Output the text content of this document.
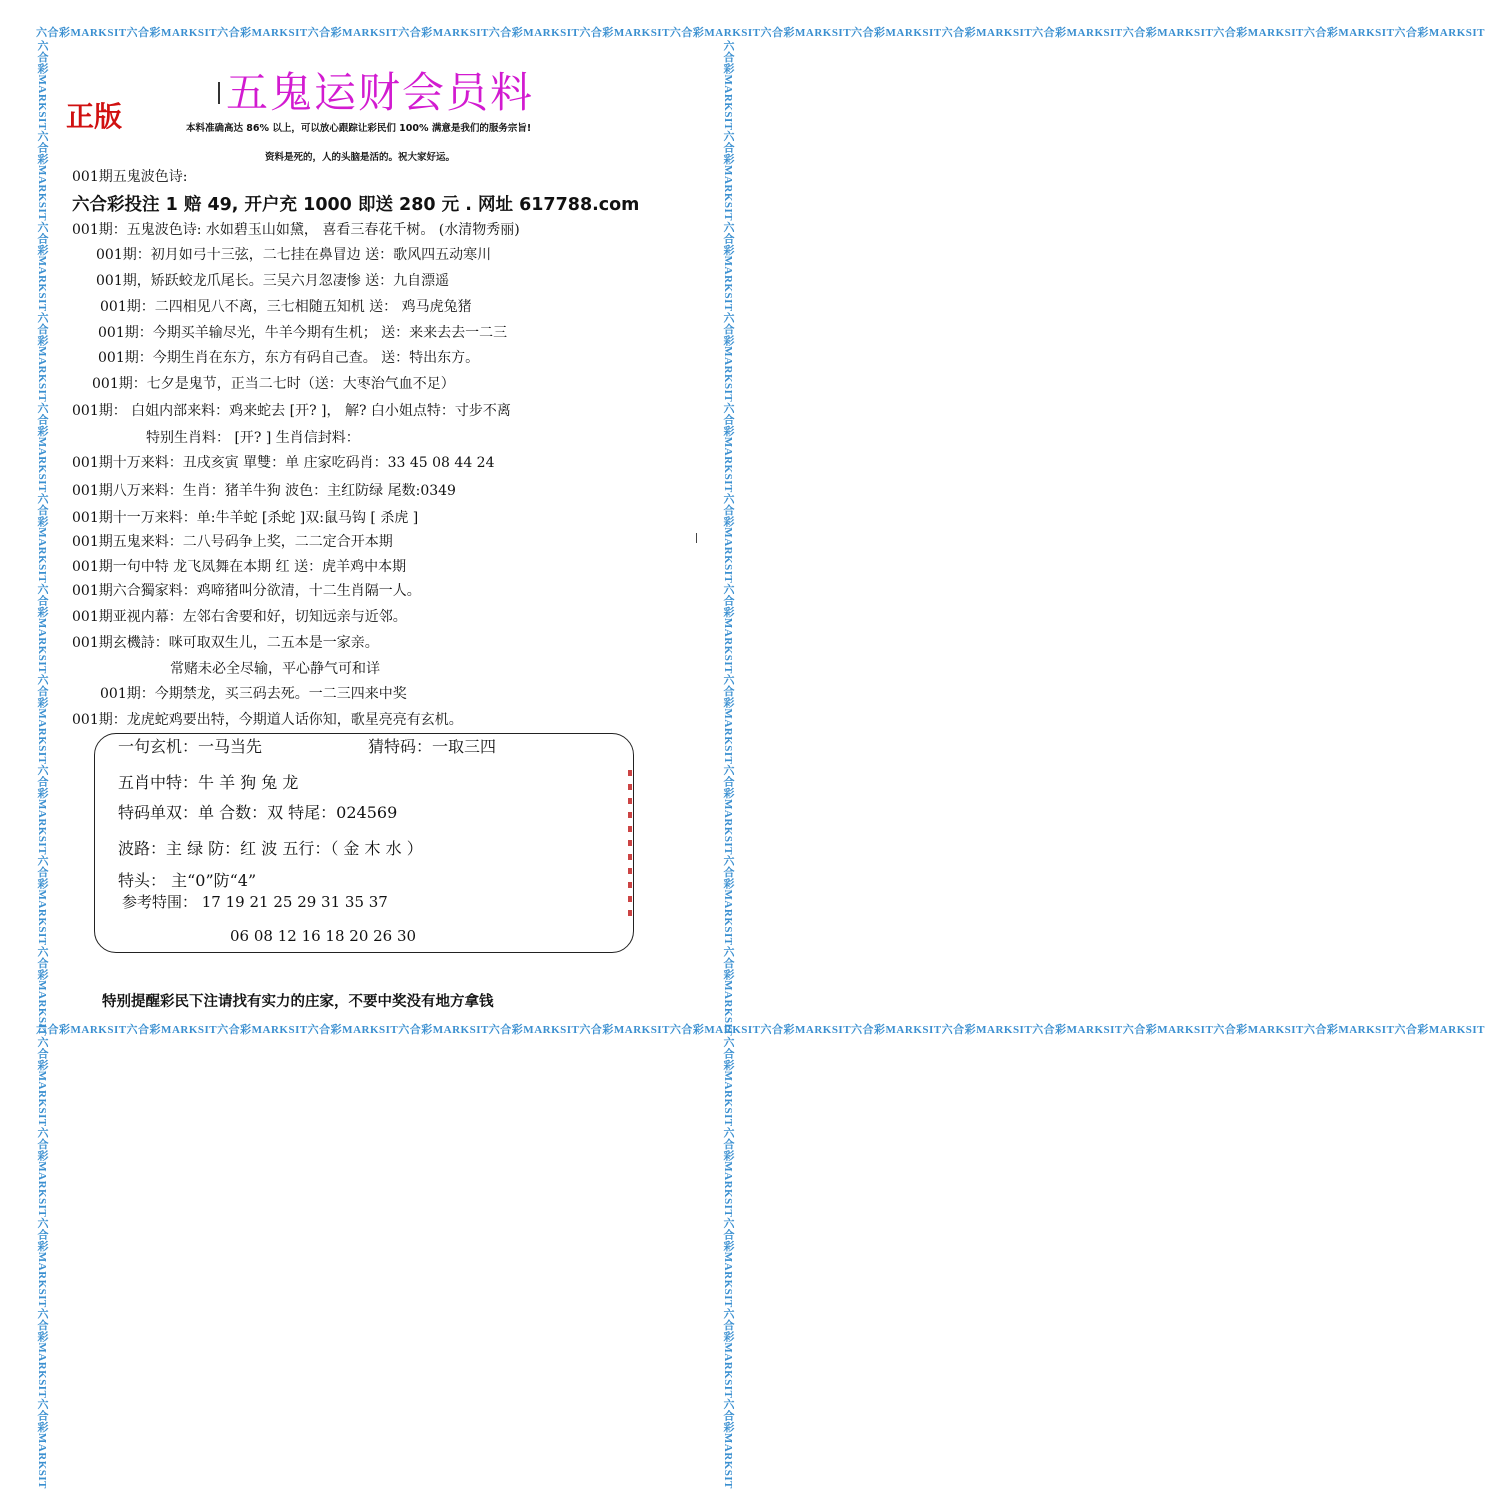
六合彩MARKSIT六合彩MARKSIT六合彩MARKSIT六合彩MARKSIT六合彩MARKSIT六合彩MARKSIT六合彩MARKSIT六合彩MARKSIT六合彩MARKSIT六合彩MARKSIT六合彩MARKSIT六合彩MARKSIT六合彩MARKSIT六合彩MARKSIT六合彩MARKSIT六合彩MARKSIT
六合彩MARKSIT六合彩MARKSIT六合彩MARKSIT六合彩MARKSIT六合彩MARKSIT六合彩MARKSIT六合彩MARKSIT六合彩MARKSIT六合彩MARKSIT六合彩MARKSIT六合彩MARKSIT六合彩MARKSIT六合彩MARKSIT六合彩MARKSIT六合彩MARKSIT六合彩MARKSIT
六合彩MARKSIT六合彩MARKSIT六合彩MARKSIT六合彩MARKSIT六合彩MARKSIT六合彩MARKSIT六合彩MARKSIT六合彩MARKSIT六合彩MARKSIT六合彩MARKSIT六合彩MARKSIT六合彩MARKSIT六合彩MARKSIT六合彩MARKSIT六合彩MARKSIT六合彩MARKSIT	六合彩MARKSIT六合彩MARKSIT六合彩MARKSIT六合彩MARKSIT六合彩MARKSIT六合彩MARKSIT六合彩MARKSIT六合彩MARKSIT六合彩MARKSIT六合彩MARKSIT六合彩MARKSIT六合彩MARKSIT六合彩MARKSIT六合彩MARKSIT六合彩MARKSIT六合彩MARKSIT
五鬼运财会员料
正版	本料准确高达 86% 以上，可以放心跟踪让彩民们 100% 满意是我们的服务宗旨!
资料是死的，人的头脑是活的。祝大家好运。
001期五鬼波色诗:
六合彩投注 1 赔 49, 开户充 1000 即送 280 元 . 网址 617788.com
001期：五鬼波色诗: 水如碧玉山如黛， 喜看三春花千树。 (水清物秀丽)
001期：初月如弓十三弦，二七挂在鼻冒边 送：歌风四五动寒川
001期，矫跃蛟龙爪尾长。三吴六月忽凄惨 送：九自漂遥
001期：二四相见八不离，三七相随五知机 送： 鸡马虎兔猪
001期：今期买羊输尽光，牛羊今期有生机； 送：来来去去一二三
001期：今期生肖在东方，东方有码自己查。 送：特出东方。
001期：七夕是鬼节，正当二七时（送：大枣治气血不足）
001期： 白姐内部来料：鸡来蛇去 [开? ]， 解? 白小姐点特：寸步不离
特别生肖料： [开? ] 生肖信封料：
001期十万来料：丑戌亥寅 單雙：单 庄家吃码肖：33 45 08 44 24
001期八万来料：生肖：猪羊牛狗 波色：主红防绿 尾数:0349
001期十一万来料：单:牛羊蛇 [杀蛇 ]双:鼠马钩 [ 杀虎 ]
001期五鬼来料：二八号码争上奖，二二定合开本期
001期一句中特 龙飞凤舞在本期 红 送：虎羊鸡中本期
001期六合獨家料：鸡啼猪叫分欲清，十二生肖隔一人。
001期亚视内幕：左邻右舍要和好，切知远亲与近邻。
001期玄機詩：咪可取双生儿，二五本是一家亲。
常赌未必全尽输，平心静气可和详
001期：今期禁龙，买三码去死。一二三四来中奖
001期：龙虎蛇鸡要出特，今期道人话你知，歌星亮亮有玄机。
一句玄机：一马当先	猜特码：一取三四
五肖中特：牛 羊 狗 兔 龙
特码单双：单 合数：双 特尾：024569
波路：主 绿 防：红 波 五行：（ 金 木 水 ）
特头： 主“0”防“4”
参考特围： 17 19 21 25 29 31 35 37
06 08 12 16 18 20 26 30
特别提醒彩民下注请找有实力的庄家，不要中奖没有地方拿钱
